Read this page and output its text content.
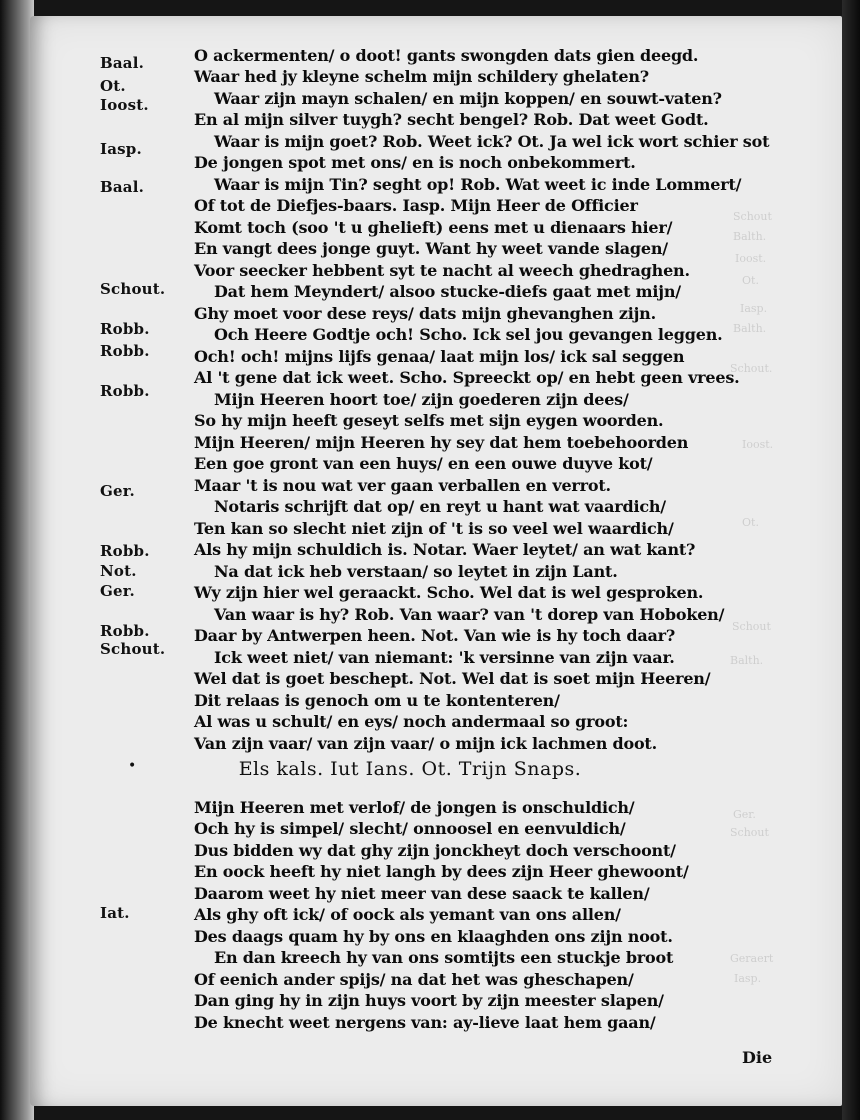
Schout
Balth.
Ioost.
Ot.
Iasp.
Balth.
Schout.
Ioost.
Ot.
Schout
Balth.
Ger.
Schout
Geraert
Iasp.
Baal.
Ot.
Ioost.
Iasp.
Baal.
Schout.
Robb.
Robb.
Robb.
Ger.
Robb.
Not.
Ger.
Robb.
Schout.
Iat.
O ackermenten/ o doot! gants swongden dats gien deegd.
Waar hed jy kleyne schelm mijn schildery ghelaten?
Waar zijn mayn schalen/ en mijn koppen/ en souwt-vaten?
En al mijn silver tuygh? secht bengel? Rob. Dat weet Godt.
Waar is mijn goet? Rob. Weet ick? Ot. Ja wel ick wort schier sot
De jongen spot met ons/ en is noch onbekommert.
Waar is mijn Tin? seght op! Rob. Wat weet ic inde Lommert/
Of tot de Diefjes-baars. Iasp. Mijn Heer de Officier
Komt toch (soo 't u ghelieft) eens met u dienaars hier/
En vangt dees jonge guyt. Want hy weet vande slagen/
Voor seecker hebbent syt te nacht al weech ghedraghen.
Dat hem Meyndert/ alsoo stucke-diefs gaat met mijn/
Ghy moet voor dese reys/ dats mijn ghevanghen zijn.
Och Heere Godtje och! Scho. Ick sel jou gevangen leggen.
Och! och! mijns lijfs genaa/ laat mijn los/ ick sal seggen
Al 't gene dat ick weet. Scho. Spreeckt op/ en hebt geen vrees.
Mijn Heeren hoort toe/ zijn goederen zijn dees/
So hy mijn heeft geseyt selfs met sijn eygen woorden.
Mijn Heeren/ mijn Heeren hy sey dat hem toebehoorden
Een goe gront van een huys/ en een ouwe duyve kot/
Maar 't is nou wat ver gaan verballen en verrot.
Notaris schrijft dat op/ en reyt u hant wat vaardich/
Ten kan so slecht niet zijn of 't is so veel wel waardich/
Als hy mijn schuldich is. Notar. Waer leytet/ an wat kant?
Na dat ick heb verstaan/ so leytet in zijn Lant.
Wy zijn hier wel geraackt. Scho. Wel dat is wel gesproken.
Van waar is hy? Rob. Van waar? van 't dorep van Hoboken/
Daar by Antwerpen heen. Not. Van wie is hy toch daar?
Ick weet niet/ van niemant: 'k versinne van zijn vaar.
Wel dat is goet beschept. Not. Wel dat is soet mijn Heeren/
Dit relaas is genoch om u te kontenteren/
Al was u schult/ en eys/ noch andermaal so groot:
Van zijn vaar/ van zijn vaar/ o mijn ick lachmen doot.
•	Els kals. Iut Ians. Ot. Trijn Snaps.
Mijn Heeren met verlof/ de jongen is onschuldich/
Och hy is simpel/ slecht/ onnoosel en eenvuldich/
Dus bidden wy dat ghy zijn jonckheyt doch verschoont/
En oock heeft hy niet langh by dees zijn Heer ghewoont/
Daarom weet hy niet meer van dese saack te kallen/
Als ghy oft ick/ of oock als yemant van ons allen/
Des daags quam hy by ons en klaaghden ons zijn noot.
En dan kreech hy van ons somtijts een stuckje broot
Of eenich ander spijs/ na dat het was gheschapen/
Dan ging hy in zijn huys voort by zijn meester slapen/
De knecht weet nergens van: ay-lieve laat hem gaan/
Die
